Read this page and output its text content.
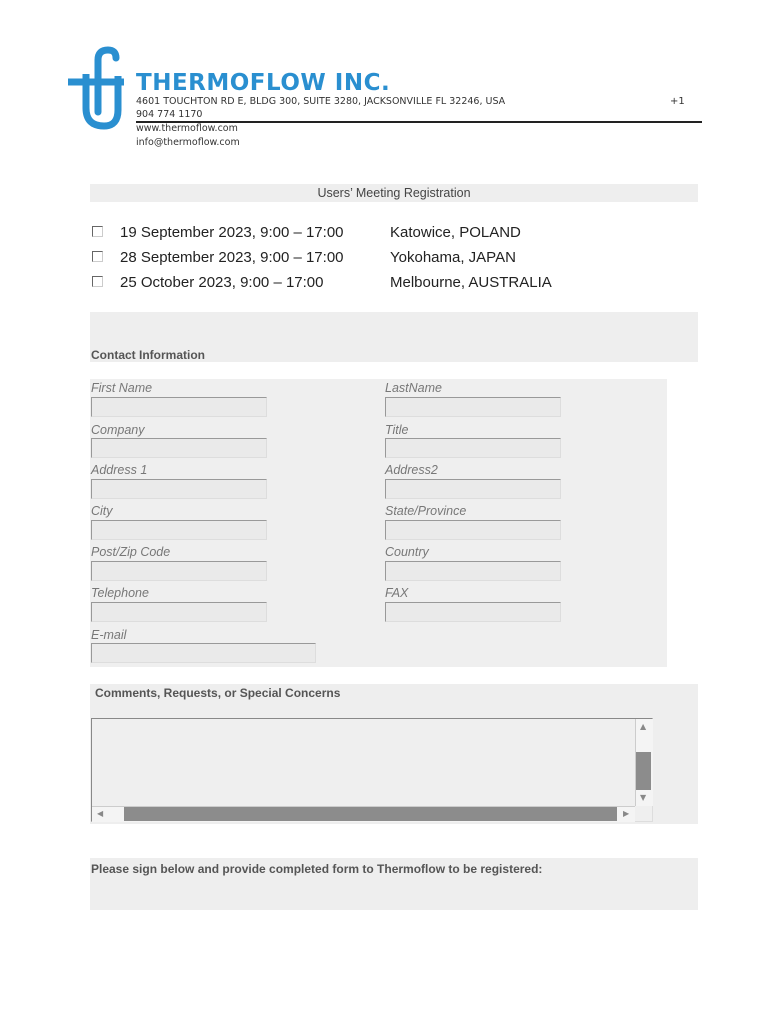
THERMOFLOW INC.
4601 TOUCHTON RD E, BLDG 300, SUITE 3280, JACKSONVILLE FL 32246, USA	+1
904 774 1170
www.thermoflow.com
info@thermoflow.com
Users’ Meeting Registration
19 September 2023, 9:00 – 17:00	Katowice, POLAND
28 September 2023, 9:00 – 17:00	Yokohama, JAPAN
25 October 2023, 9:00 – 17:00	Melbourne, AUSTRALIA
Contact Information
First Name	LastName
Company	Title
Address 1	Address2
City	State/Province
Post/Zip Code	Country
Telephone	FAX
E-mail
Comments, Requests, or Special Concerns
▲
▼
◀	▶
Please sign below and provide completed form to Thermoflow to be registered:
